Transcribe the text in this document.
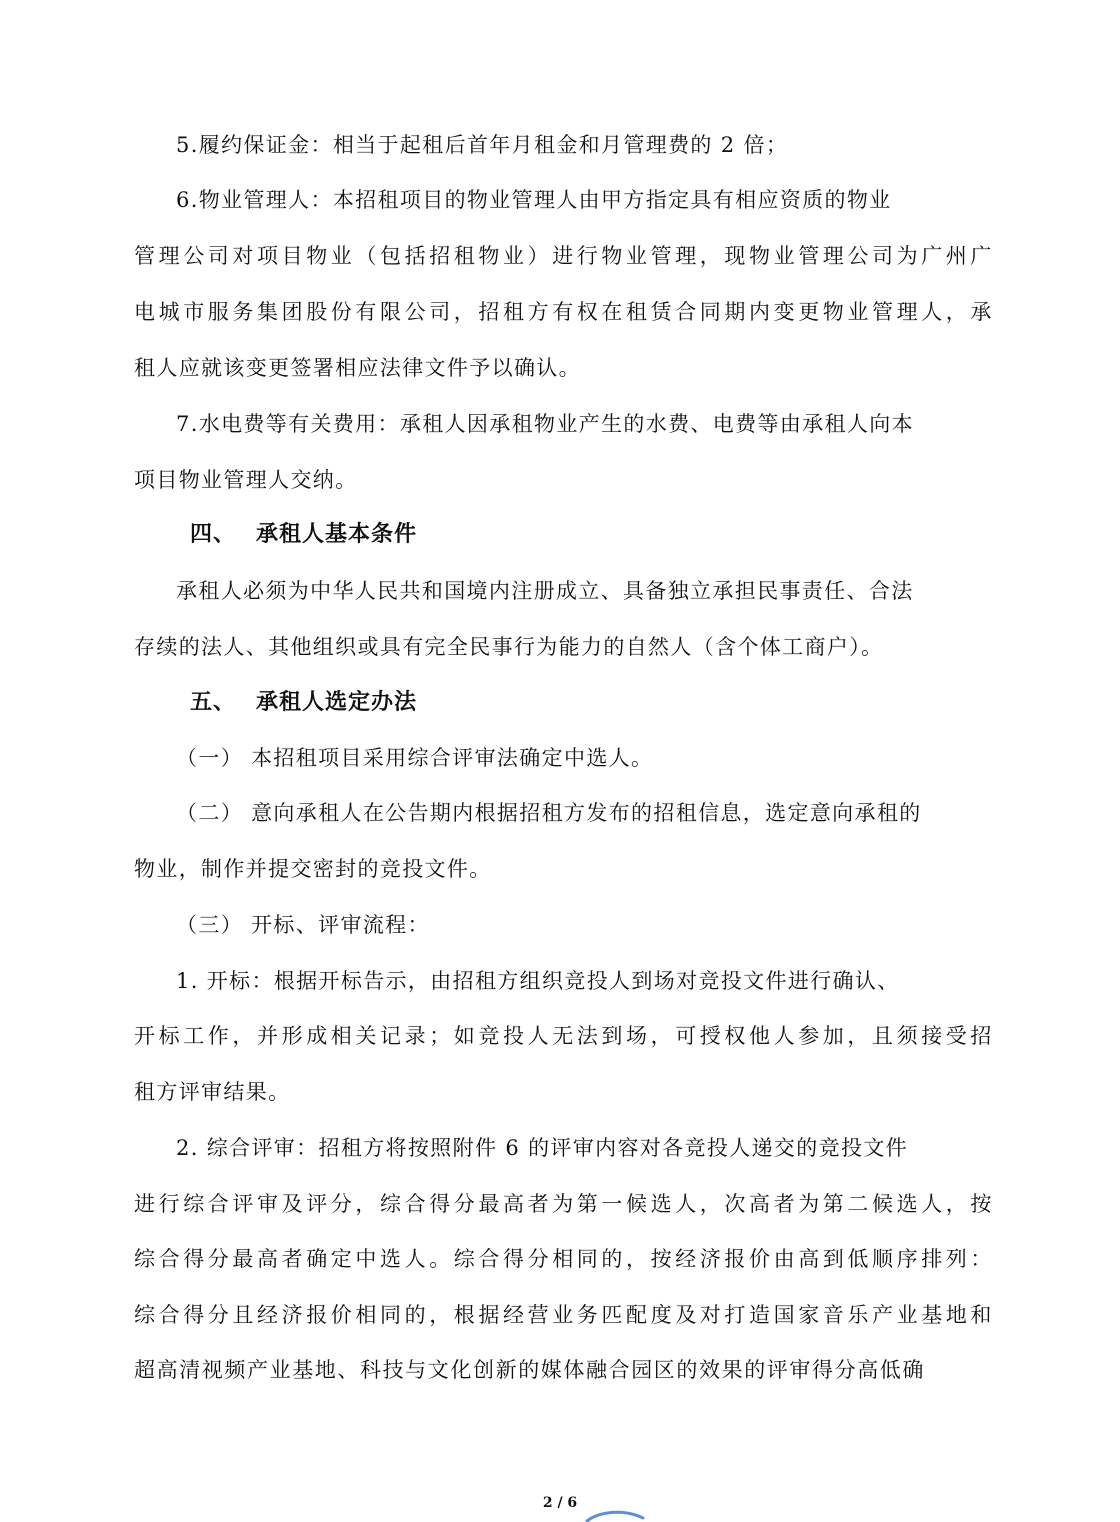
5.履约保证金：相当于起租后首年月租金和月管理费的 2 倍；
6.物业管理人：本招租项目的物业管理人由甲方指定具有相应资质的物业
管理公司对项目物业（包括招租物业）进行物业管理，现物业管理公司为广州广
电城市服务集团股份有限公司，招租方有权在租赁合同期内变更物业管理人，承
租人应就该变更签署相应法律文件予以确认。
7.水电费等有关费用：承租人因承租物业产生的水费、电费等由承租人向本
项目物业管理人交纳。
四、 承租人基本条件
承租人必须为中华人民共和国境内注册成立、具备独立承担民事责任、合法
存续的法人、其他组织或具有完全民事行为能力的自然人（含个体工商户）。
五、 承租人选定办法
（一） 本招租项目采用综合评审法确定中选人。
（二） 意向承租人在公告期内根据招租方发布的招租信息，选定意向承租的
物业，制作并提交密封的竞投文件。
（三） 开标、评审流程：
1. 开标：根据开标告示，由招租方组织竞投人到场对竞投文件进行确认、
开标工作，并形成相关记录；如竞投人无法到场，可授权他人参加，且须接受招
租方评审结果。
2. 综合评审：招租方将按照附件 6 的评审内容对各竞投人递交的竞投文件
进行综合评审及评分，综合得分最高者为第一候选人，次高者为第二候选人，按
综合得分最高者确定中选人。综合得分相同的，按经济报价由高到低顺序排列：
综合得分且经济报价相同的，根据经营业务匹配度及对打造国家音乐产业基地和
超高清视频产业基地、科技与文化创新的媒体融合园区的效果的评审得分高低确
2 / 6
